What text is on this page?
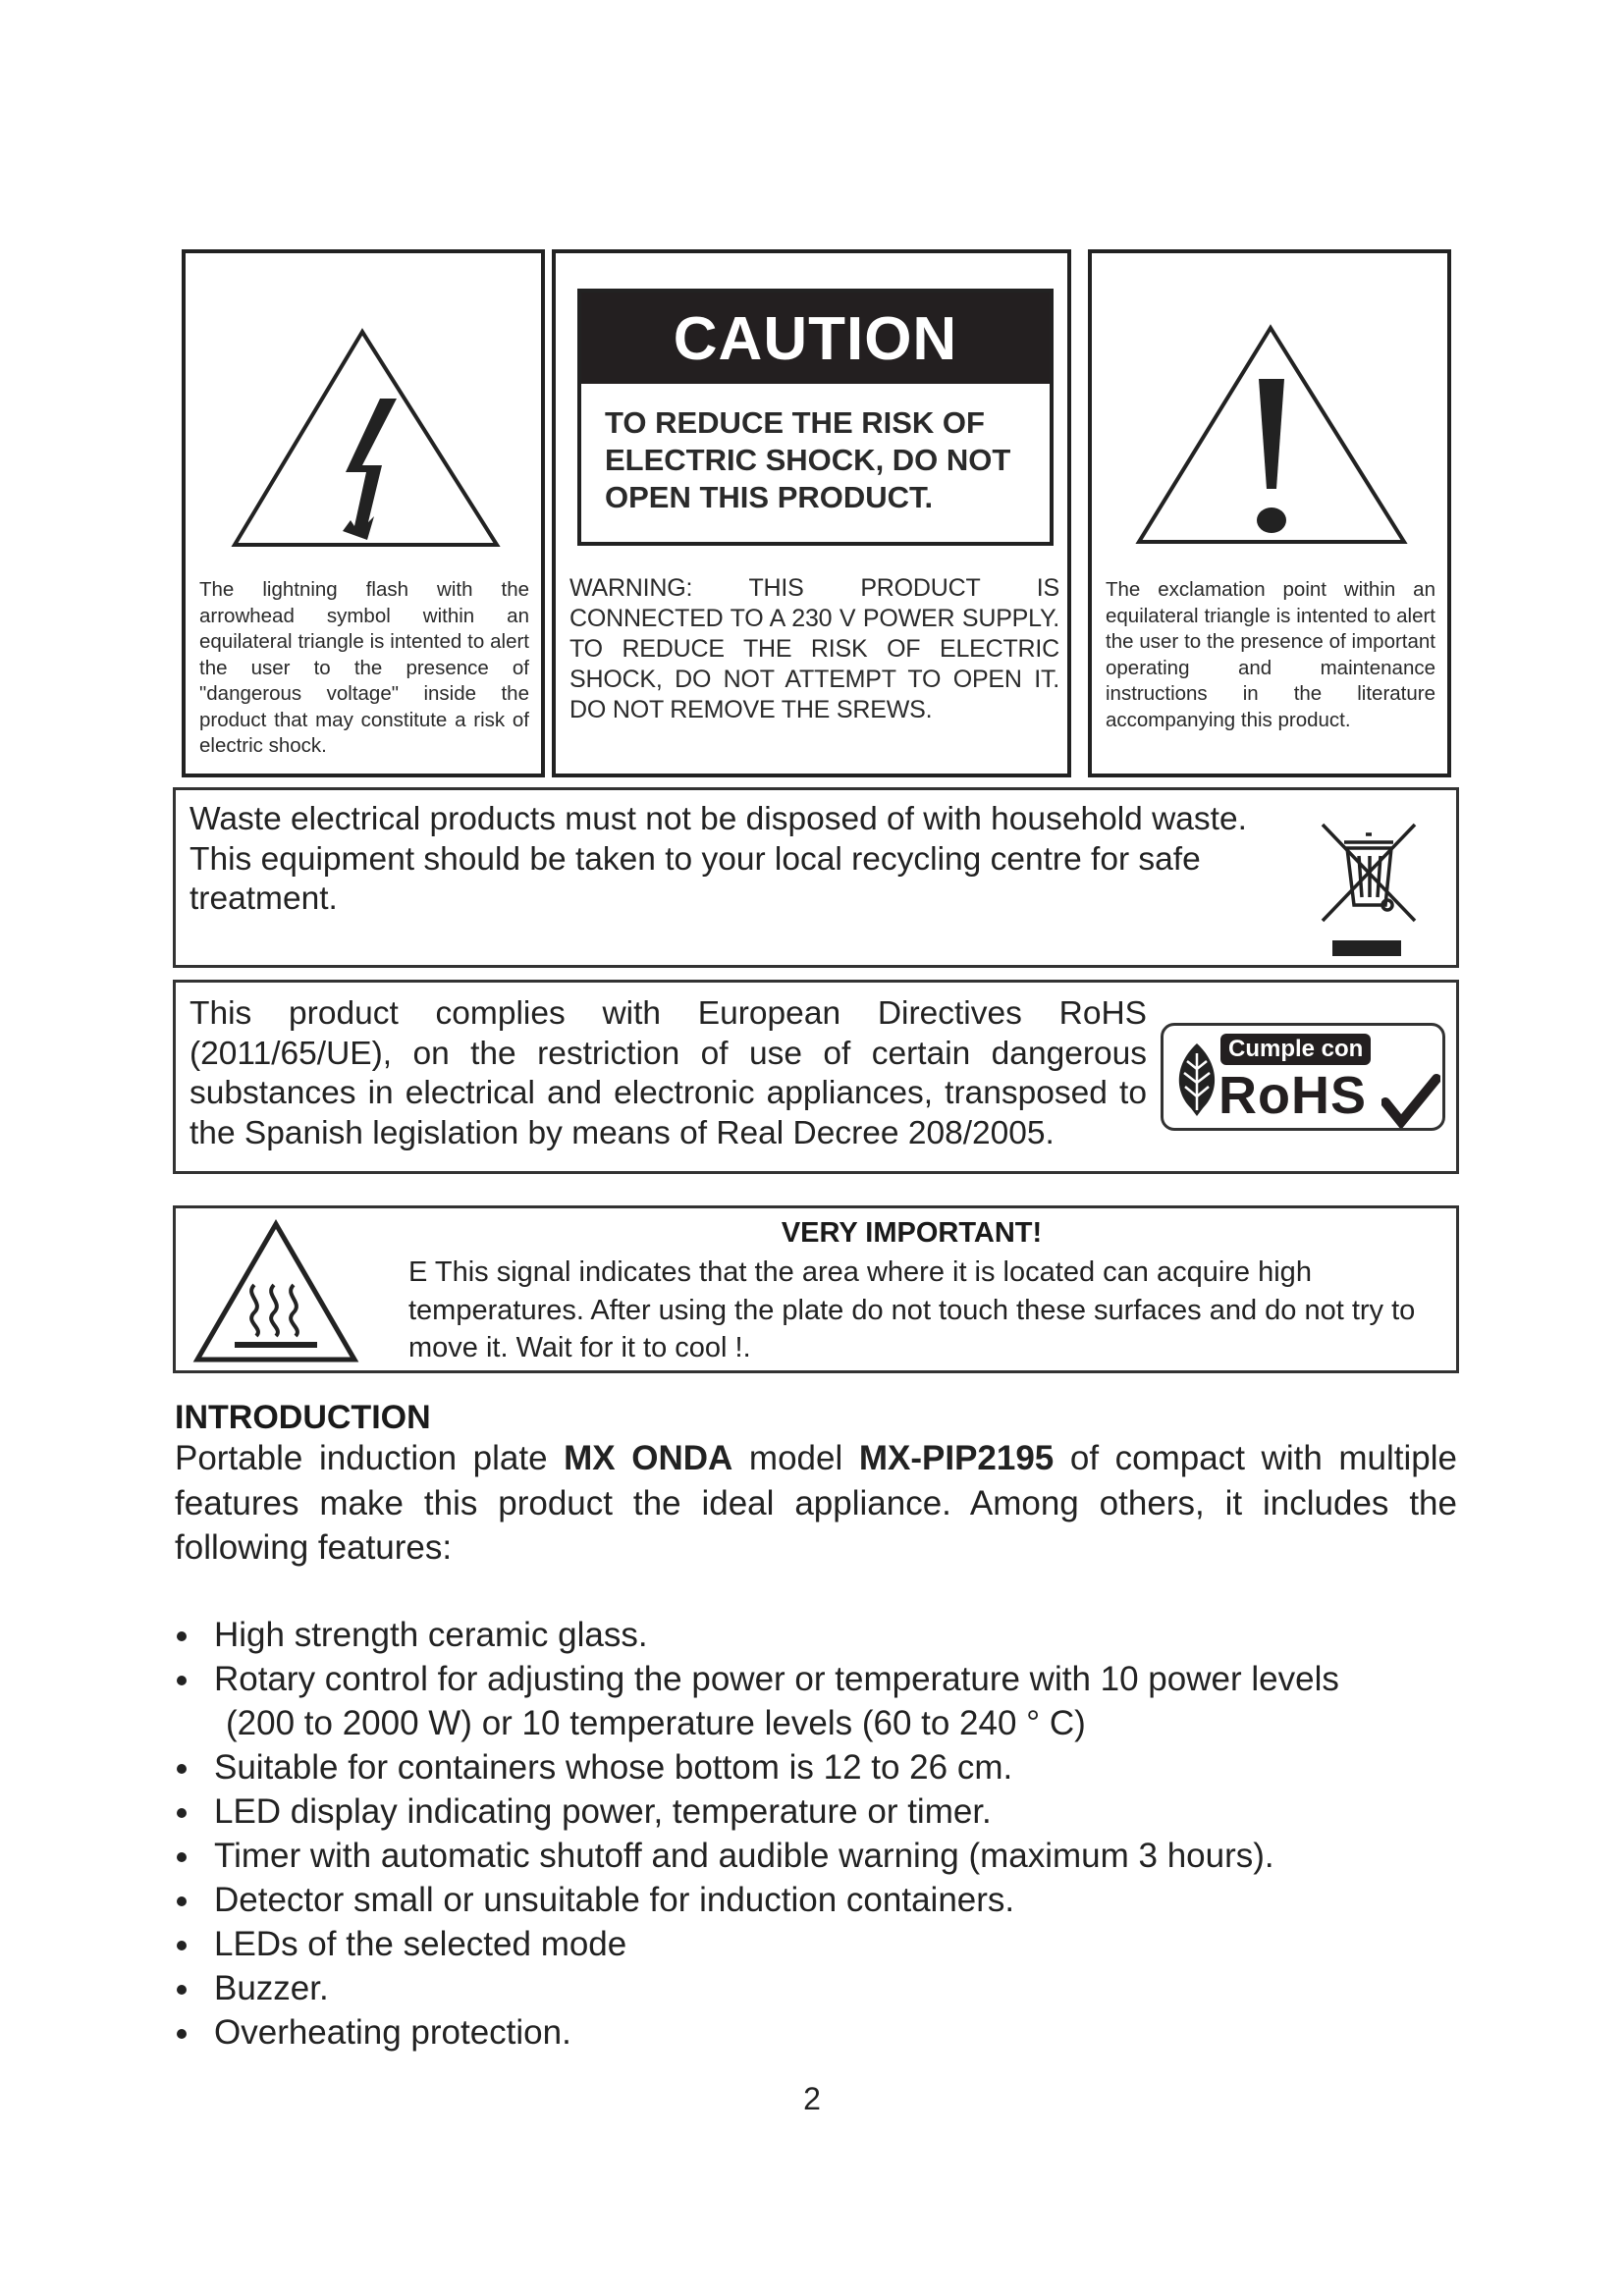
The lightning flash with the arrowhead symbol within an equilateral triangle is intented to alert the user to the presence of "dangerous voltage" inside the product that may constitute a risk of electric shock.
CAUTION
TO REDUCE THE RISK OF
ELECTRIC SHOCK, DO NOT
OPEN THIS PRODUCT.
WARNING: THIS PRODUCT IS CONNECTED TO A 230 V POWER SUPPLY. TO REDUCE THE RISK OF ELECTRIC SHOCK, DO NOT ATTEMPT TO OPEN IT. DO NOT REMOVE THE SREWS.
The exclamation point within an equilateral triangle is intented to alert the user to the presence of important operating and maintenance instructions in the literature accompanying this product.
Waste electrical products must not be disposed of with household waste.
This equipment should be taken to your local recycling centre for safe treatment.
This product complies with European Directives RoHS (2011/65/UE), on the restriction of use of certain dangerous substances in electrical and electronic appliances, transposed to the Spanish legislation by means of Real Decree 208/2005.
Cumple con
RoHS
VERY IMPORTANT!
E This signal indicates that the area where it is located can acquire high temperatures. After using the plate do not touch these surfaces and do not try to move it. Wait for it to cool !.
INTRODUCTION
Portable induction plate MX ONDA model MX-PIP2195 of compact with multiple features make this product the ideal appliance. Among others, it includes the following features:
High strength ceramic glass.
Rotary control for adjusting the power or temperature with 10 power levels
(200 to 2000 W) or 10 temperature levels (60 to 240 ° C)
Suitable for containers whose bottom is 12 to 26 cm.
LED display indicating power, temperature or timer.
Timer with automatic shutoff and audible warning (maximum 3 hours).
Detector small or unsuitable for induction containers.
LEDs of the selected mode
Buzzer.
Overheating protection.
2
